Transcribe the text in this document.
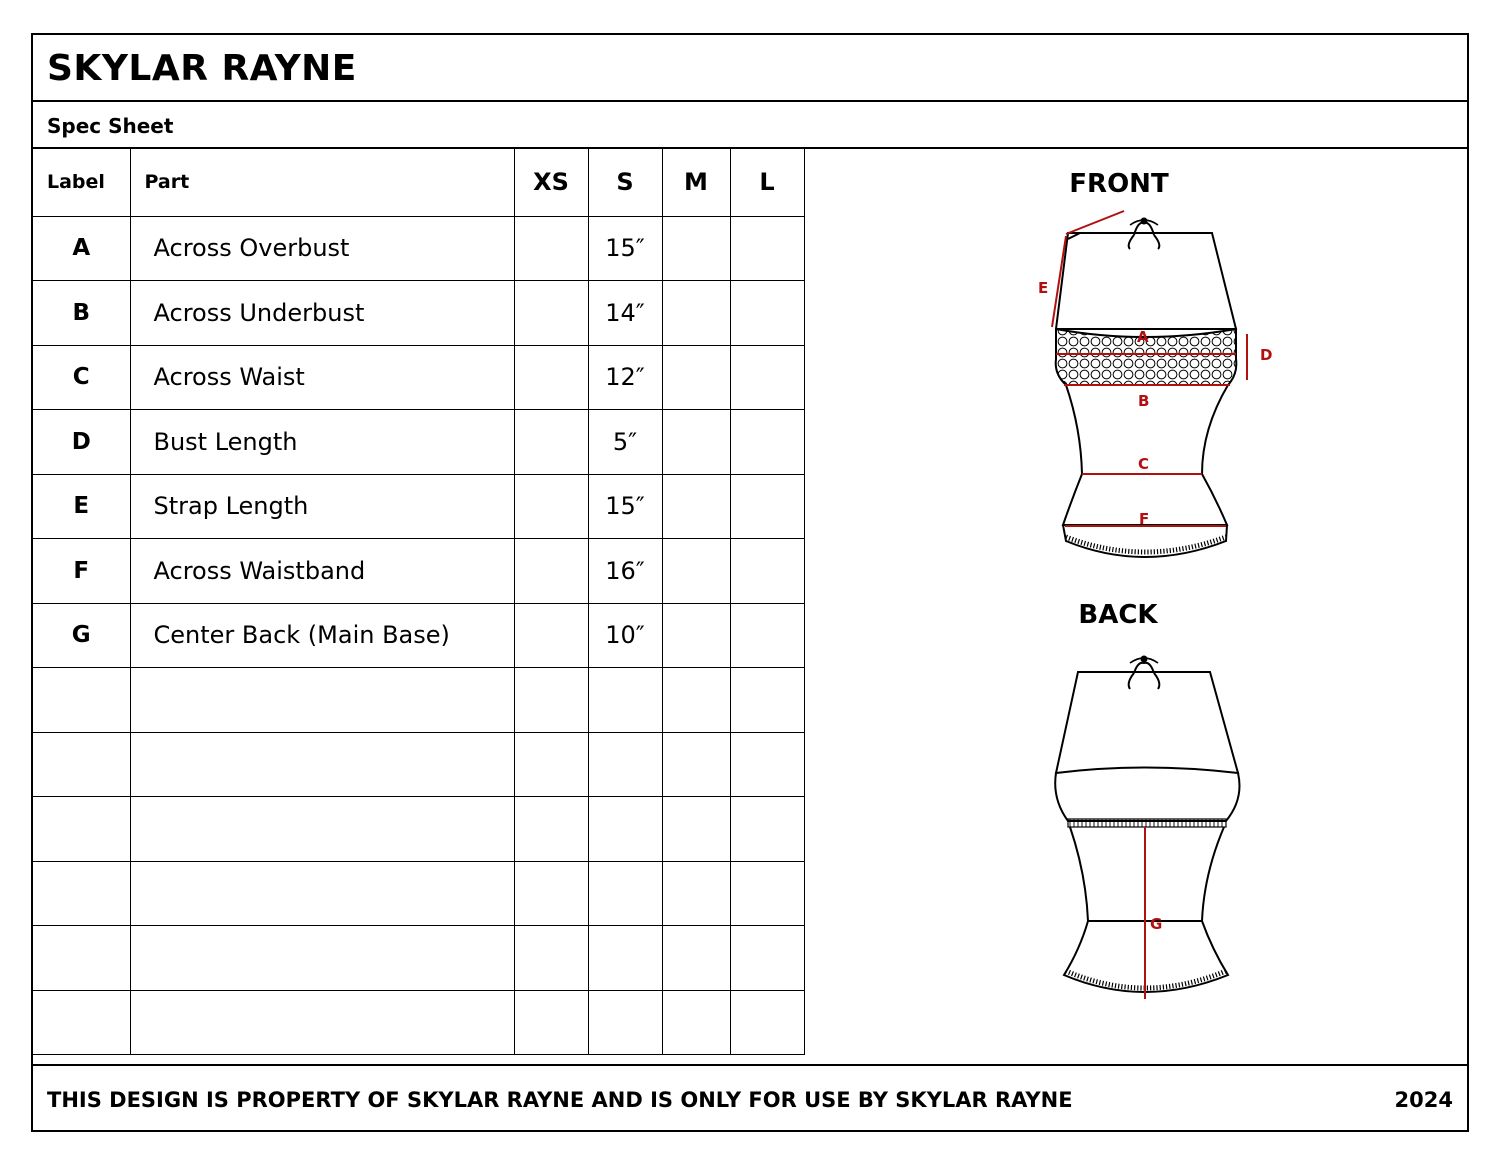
SKYLAR RAYNE
Spec Sheet
Label	Part	XS	S	M	L
A	Across Overbust		15″		
B	Across Underbust		14″		
C	Across Waist		12″		
D	Bust Length		5″		
E	Strap Length		15″		
F	Across Waistband		16″		
G	Center Back (Main Base)		10″		

FRONT
BACK
A
B
C
D
E
F
G
THIS DESIGN IS PROPERTY OF SKYLAR RAYNE AND IS ONLY FOR USE BY SKYLAR RAYNE	2024
